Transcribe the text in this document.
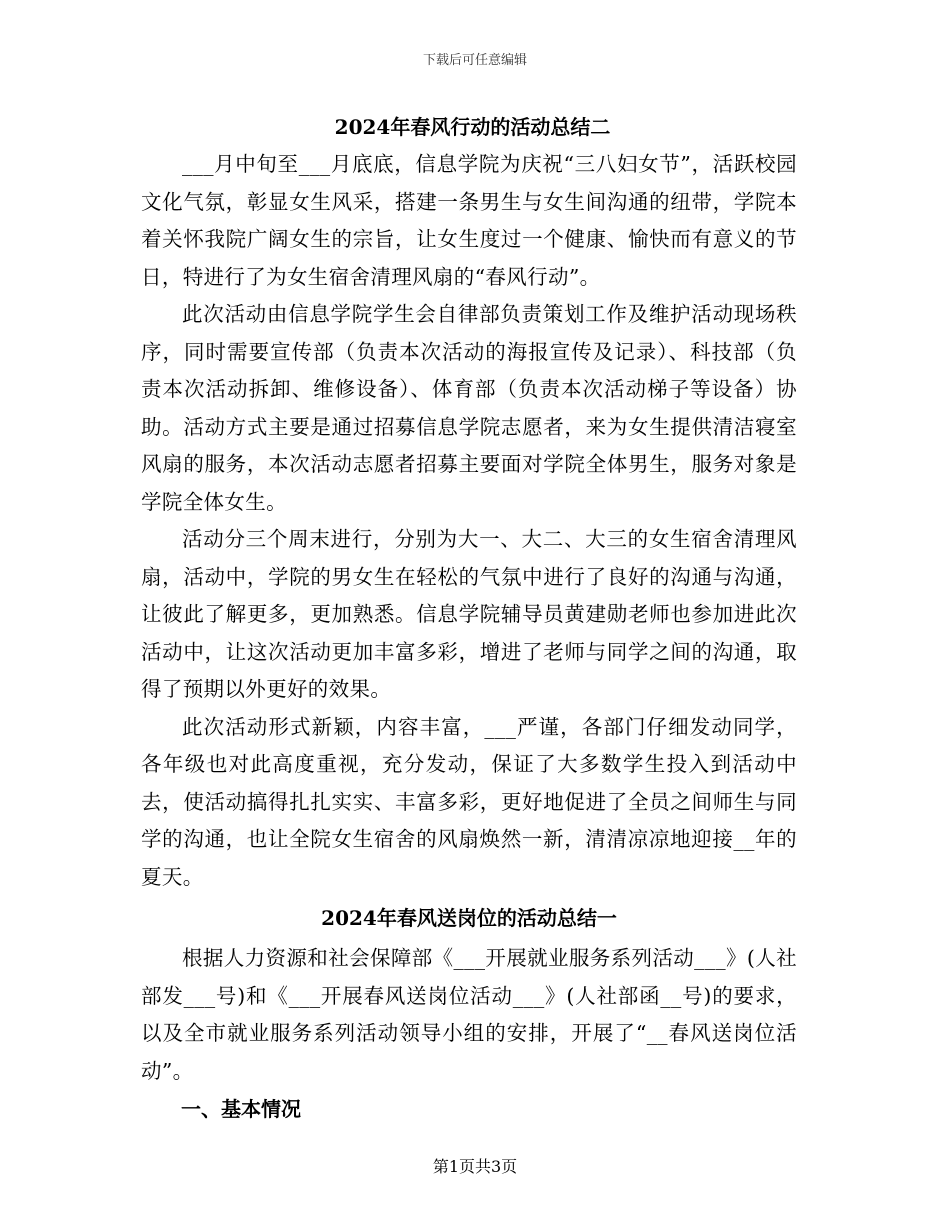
下载后可任意编辑
2024年春风行动的活动总结二

___月中旬至___月底底，信息学院为庆祝“三八妇女节”，活跃校园文化气氛，彰显女生风采，搭建一条男生与女生间沟通的纽带，学院本着关怀我院广阔女生的宗旨，让女生度过一个健康、愉快而有意义的节日，特进行了为女生宿舍清理风扇的“春风行动”。

此次活动由信息学院学生会自律部负责策划工作及维护活动现场秩序，同时需要宣传部（负责本次活动的海报宣传及记录）、科技部（负责本次活动拆卸、维修设备）、体育部（负责本次活动梯子等设备）协助。活动方式主要是通过招募信息学院志愿者，来为女生提供清洁寝室风扇的服务，本次活动志愿者招募主要面对学院全体男生，服务对象是学院全体女生。

活动分三个周末进行，分别为大一、大二、大三的女生宿舍清理风扇，活动中，学院的男女生在轻松的气氛中进行了良好的沟通与沟通，让彼此了解更多，更加熟悉。信息学院辅导员黄建勋老师也参加进此次活动中，让这次活动更加丰富多彩，增进了老师与同学之间的沟通，取得了预期以外更好的效果。

此次活动形式新颖，内容丰富，___严谨，各部门仔细发动同学，各年级也对此高度重视，充分发动，保证了大多数学生投入到活动中去，使活动搞得扎扎实实、丰富多彩，更好地促进了全员之间师生与同学的沟通，也让全院女生宿舍的风扇焕然一新，清清凉凉地迎接__年的夏天。

2024年春风送岗位的活动总结一

根据人力资源和社会保障部《___开展就业服务系列活动___》(人社部发___号)和《___开展春风送岗位活动___》(人社部函__号)的要求，以及全市就业服务系列活动领导小组的安排，开展了“__春风送岗位活动”。

一、基本情况
第1页共3页
